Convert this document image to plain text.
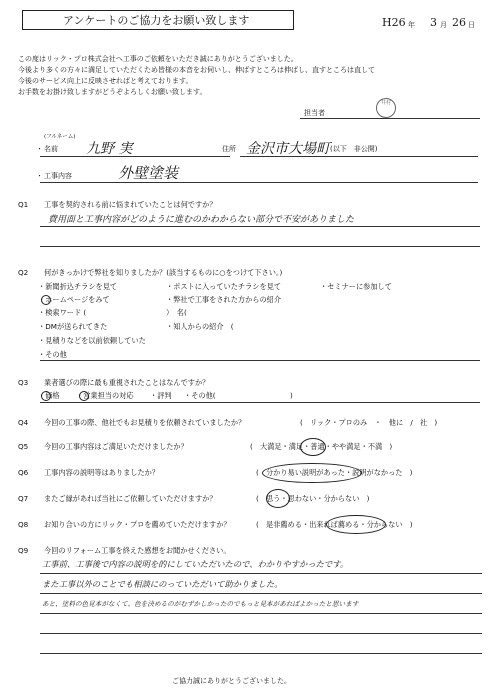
アンケートのご協力をお願い致します	H26 年 3 月 26 日
この度はリック・プロ株式会社へ工事のご依頼をいただき誠にありがとうございました。
今後より多くの方々に満足していただくため皆様の本音をお伺いし、伸ばすところは伸ばし、直すところは直して
今後のサービス向上に反映させればと考えております。
お手数をお掛け致しますがどうぞよろしくお願い致します。
担当者
井村
(フルネーム)
・ 名前 九野 実	住所 金沢市大場町 (以下　非公開)
・ 工事内容	外壁塗装
Q1 工事を契約される前に悩まれていたことは何ですか？
費用面と工事内容がどのように進むのかわからない部分で不安がありました
Q2 何がきっかけで弊社を知りましたか？(該当するものに○をつけて下さい。)
・新聞折込チラシを見て	・ポストに入っていたチラシを見て	・セミナーに参加して
・ホームページをみて	・弊社で工事をされた方からの紹介
・検索ワード (	）　名(
・DMが送られてきた	・知人からの紹介　(
・見積りなどを以前依頼していた
・その他
Q3 業者選びの際に最も重視されたことはなんですか？
・価格 ・営業担当の対応 ・評判 ・その他(	)
Q4 今回の工事の際、他社でもお見積りを依頼されていましたか？	(　リック・プロのみ　・　他に　/　社　)
Q5 今回の工事内容はご満足いただけましたか？	(　大満足・満足・普通・やや満足・不満　)
Q6 工事内容の説明等はありましたか？	(　分かり易い説明があった・説明がなかった　)
Q7 またご縁があれば当社にご依頼していただけますか？	(　思う・思わない・分からない　)
Q8 お知り合いの方にリック・プロを薦めていただけますか？	(　是非薦める・出来れば薦める・分からない　)
Q9 今回のリフォーム工事を終えた感想をお聞かせください。
工事前、工事後で内容の説明を的にしていただいたので、わかりやすかったです。
また工事以外のことでも相談にのっていただいて助かりました。
あと、塗料の色見本がなくて、色を決めるのがむずかしかったのでもっと見本があればよかったと思います
ご協力誠にありがとうございました。
